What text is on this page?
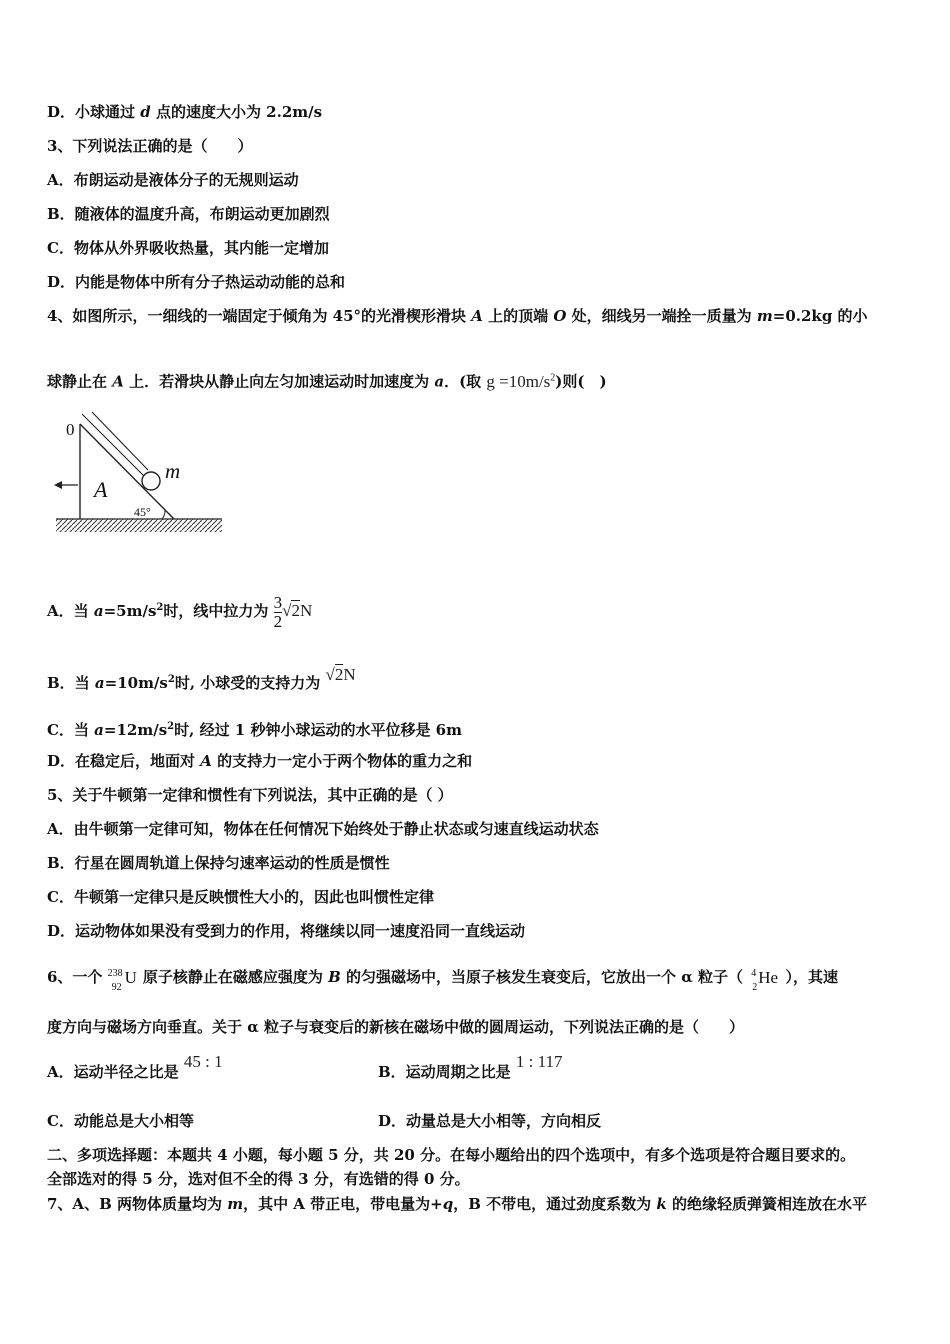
D．小球通过 d 点的速度大小为 2.2m/s
3、下列说法正确的是（　　）
A．布朗运动是液体分子的无规则运动
B．随液体的温度升高，布朗运动更加剧烈
C．物体从外界吸收热量，其内能一定增加
D．内能是物体中所有分子热运动动能的总和
4、如图所示，一细线的一端固定于倾角为 45°的光滑楔形滑块 A 上的顶端 O 处，细线另一端拴一质量为 m=0.2kg 的小
球静止在 A 上．若滑块从静止向左匀加速运动时加速度为 a．(取 $g =10m/s^2$)则(　)
0
A
m
45°
A．当 $a=5m/s^2$时，线中拉力为 $\frac{3}{2} √2N$
B．当 $a=10m/s^2$时, 小球受的支持力为 √2N
C．当 $a=12m/s^2$时, 经过 1 秒钟小球运动的水平位移是 6m
D．在稳定后，地面对 A 的支持力一定小于两个物体的重力之和
5、关于牛顿第一定律和惯性有下列说法，其中正确的是（ ）
A．由牛顿第一定律可知，物体在任何情况下始终处于静止状态或匀速直线运动状态
B．行星在圆周轨道上保持匀速率运动的性质是惯性
C．牛顿第一定律只是反映惯性大小的，因此也叫惯性定律
D．运动物体如果没有受到力的作用，将继续以同一速度沿同一直线运动
6、一个 238
92
U 原子核静止在磁感应强度为 B 的匀强磁场中，当原子核发生衰变后，它放出一个 α 粒子（ 4
2
He ），其速
度方向与磁场方向垂直。关于 α 粒子与衰变后的新核在磁场中做的圆周运动，下列说法正确的是（　　）
A．运动半径之比是 45 : 1
B．运动周期之比是 1 : 117
C．动能总是大小相等	D．动量总是大小相等，方向相反
二、多项选择题：本题共 4 小题，每小题 5 分，共 20 分。在每小题给出的四个选项中，有多个选项是符合题目要求的。
全部选对的得 5 分，选对但不全的得 3 分，有选错的得 0 分。
7、A、B 两物体质量均为 m，其中 A 带正电，带电量为+q，B 不带电，通过劲度系数为 k 的绝缘轻质弹簧相连放在水平
